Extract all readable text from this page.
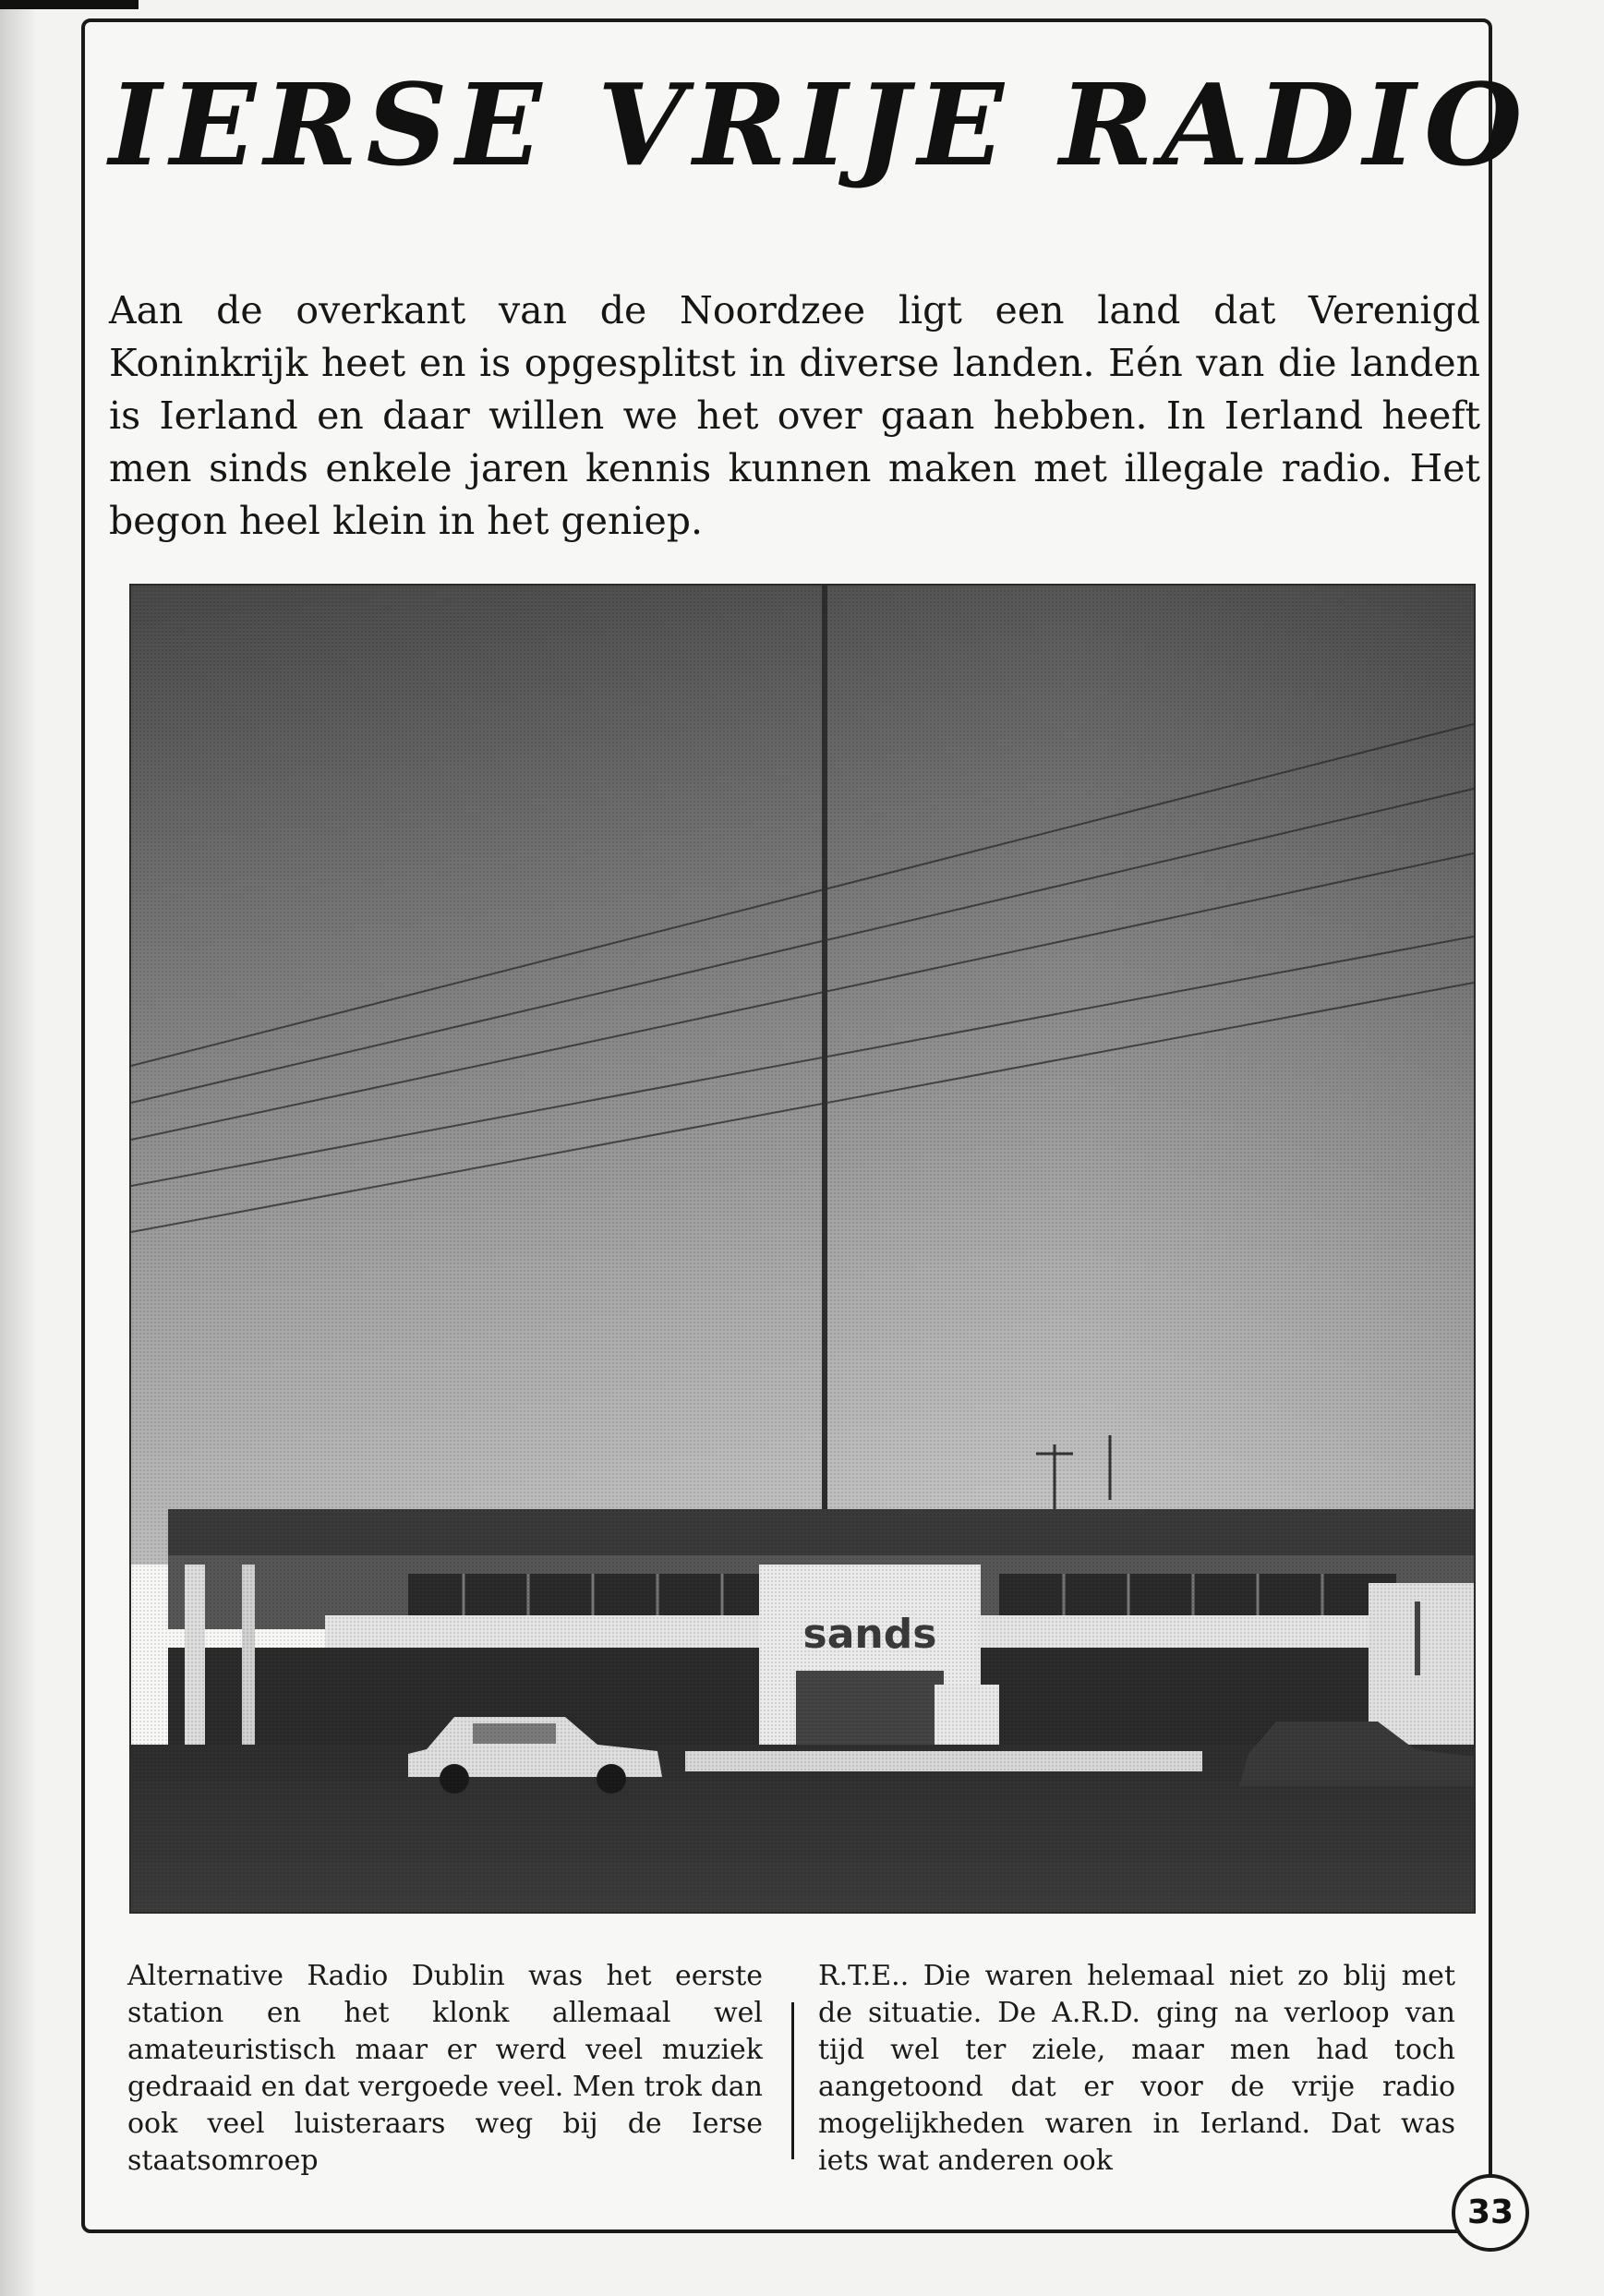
IERSE VRIJE RADIO

Aan de overkant van de Noordzee ligt een land dat Verenigd Koninkrijk heet en is opgesplitst in diverse landen. Eén van die landen is Ierland en daar willen we het over gaan hebben. In Ierland heeft men sinds enkele jaren kennis kunnen maken met illegale radio. Het begon heel klein in het geniep.

Alternative Radio Dublin was het eerste station en het klonk allemaal wel amateuristisch maar er werd veel muziek gedraaid en dat vergoede veel. Men trok dan ook veel luisteraars weg bij de Ierse staatsomroep

R.T.E.. Die waren helemaal niet zo blij met de situatie. De A.R.D. ging na verloop van tijd wel ter ziele, maar men had toch aangetoond dat er voor de vrije radio mogelijkheden waren in Ierland. Dat was iets wat anderen ook

33
